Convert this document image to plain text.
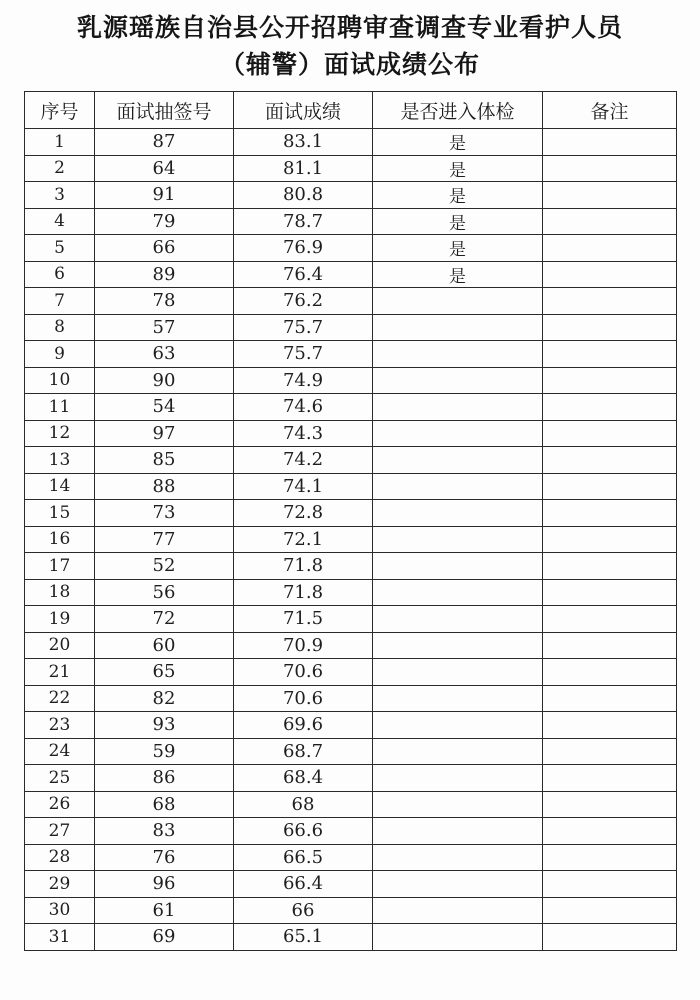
乳源瑶族自治县公开招聘审查调查专业看护人员
（辅警）面试成绩公布
序号	面试抽签号	面试成绩	是否进入体检	备注
1	87	83.1	是	
2	64	81.1	是	
3	91	80.8	是	
4	79	78.7	是	
5	66	76.9	是	
6	89	76.4	是	
7	78	76.2		
8	57	75.7		
9	63	75.7		
10	90	74.9		
11	54	74.6		
12	97	74.3		
13	85	74.2		
14	88	74.1		
15	73	72.8		
16	77	72.1		
17	52	71.8		
18	56	71.8		
19	72	71.5		
20	60	70.9		
21	65	70.6		
22	82	70.6		
23	93	69.6		
24	59	68.7		
25	86	68.4		
26	68	68		
27	83	66.6		
28	76	66.5		
29	96	66.4		
30	61	66		
31	69	65.1		
